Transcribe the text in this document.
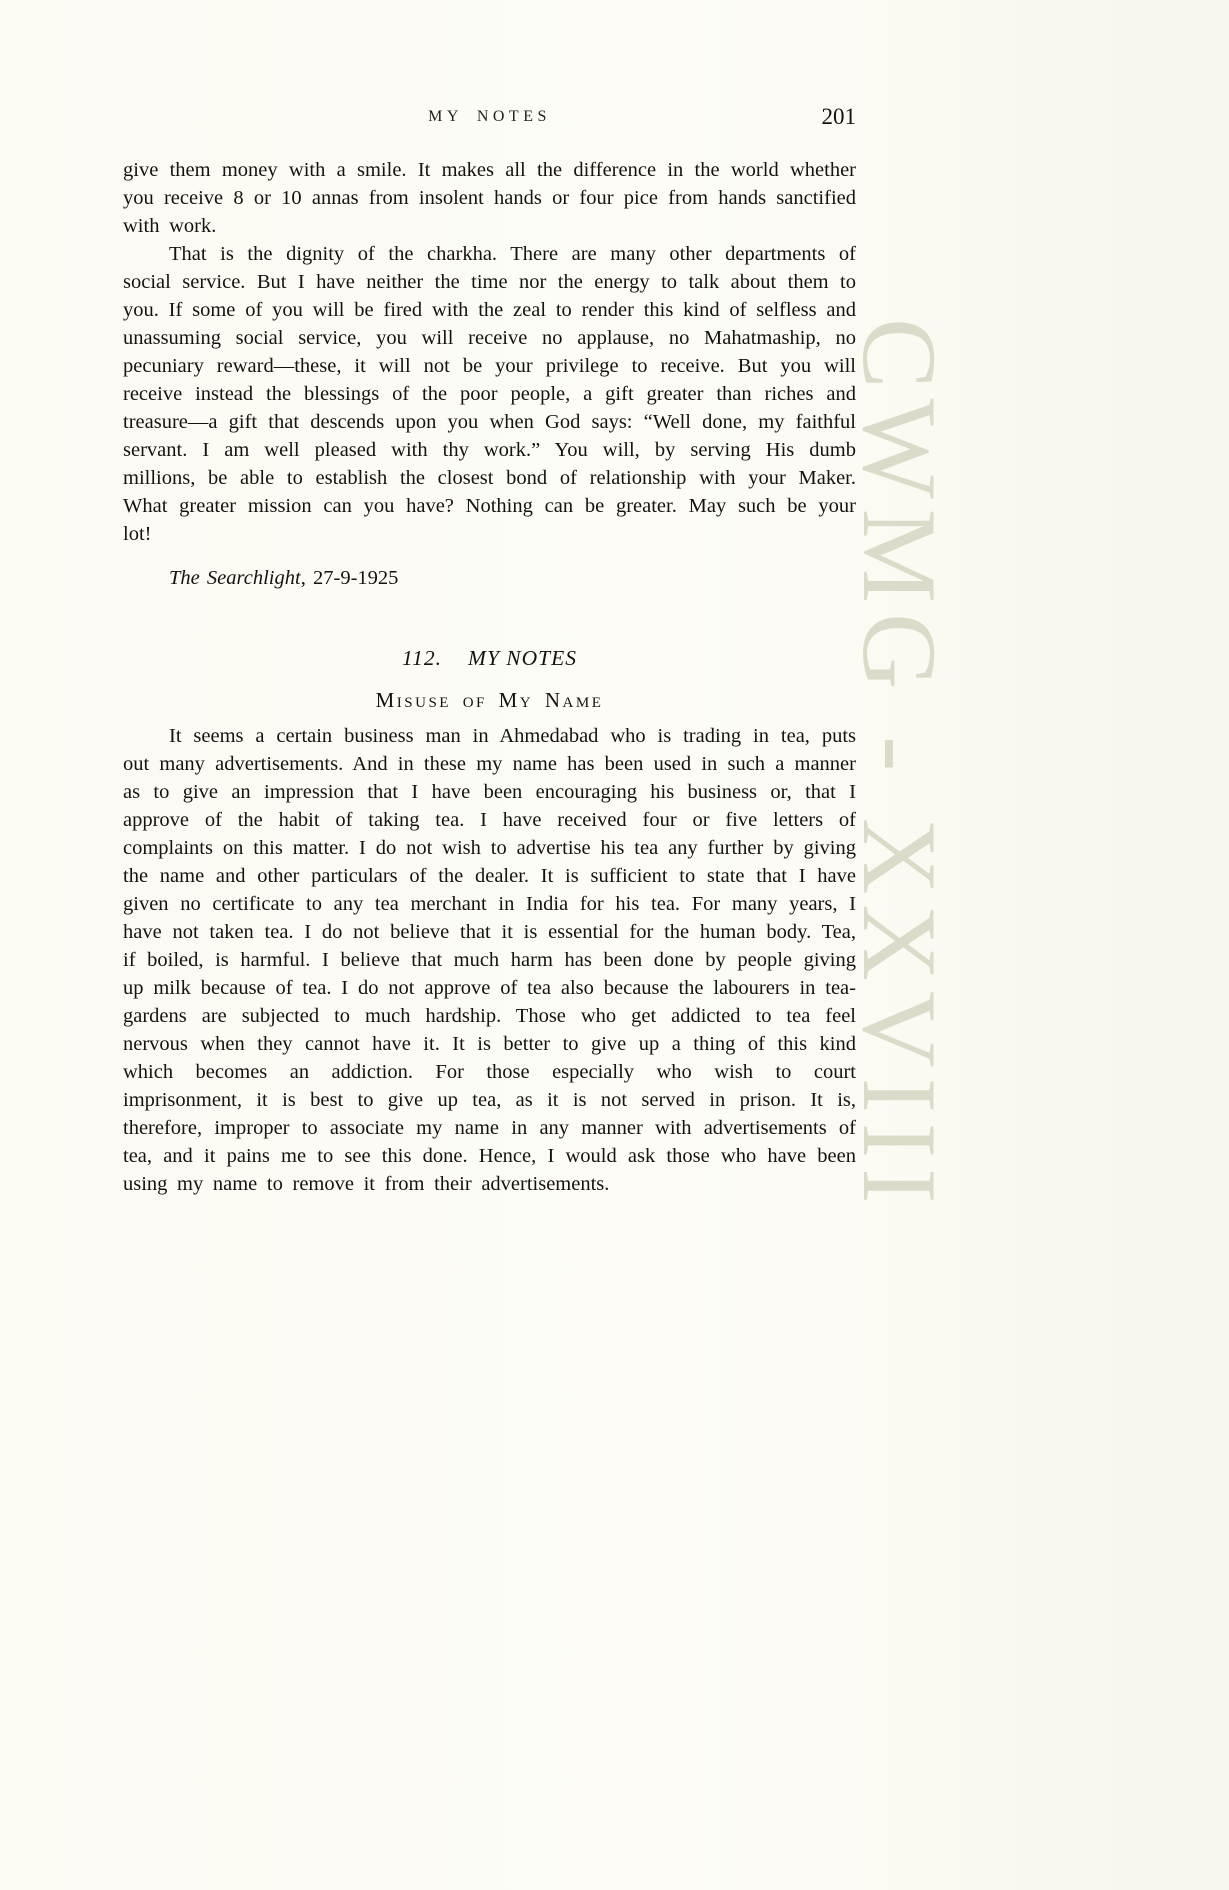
CWMG - XXVIII
MY NOTES	201

give them money with a smile. It makes all the difference in the world whether you receive 8 or 10 annas from insolent hands or four pice from hands sanctified with work.

That is the dignity of the charkha. There are many other departments of social service. But I have neither the time nor the energy to talk about them to you. If some of you will be fired with the zeal to render this kind of selfless and unassuming social service, you will receive no applause, no Mahatmaship, no pecuniary reward—these, it will not be your privilege to receive. But you will receive instead the blessings of the poor people, a gift greater than riches and treasure—a gift that descends upon you when God says: “Well done, my faithful servant. I am well pleased with thy work.” You will, by serving His dumb millions, be able to establish the closest bond of relationship with your Maker. What greater mission can you have? Nothing can be greater. May such be your lot!

The Searchlight, 27-9-1925

112. MY NOTES
Misuse of My Name

It seems a certain business man in Ahmedabad who is trading in tea, puts out many advertisements. And in these my name has been used in such a manner as to give an impression that I have been encouraging his business or, that I approve of the habit of taking tea. I have received four or five letters of complaints on this matter. I do not wish to advertise his tea any further by giving the name and other particulars of the dealer. It is sufficient to state that I have given no certificate to any tea merchant in India for his tea. For many years, I have not taken tea. I do not believe that it is essential for the human body. Tea, if boiled, is harmful. I believe that much harm has been done by people giving up milk because of tea. I do not approve of tea also because the labourers in tea-gardens are subjected to much hardship. Those who get addicted to tea feel nervous when they cannot have it. It is better to give up a thing of this kind which becomes an addiction. For those especially who wish to court imprisonment, it is best to give up tea, as it is not served in prison. It is, therefore, improper to associate my name in any manner with advertisements of tea, and it pains me to see this done. Hence, I would ask those who have been using my name to remove it from their advertisements.
